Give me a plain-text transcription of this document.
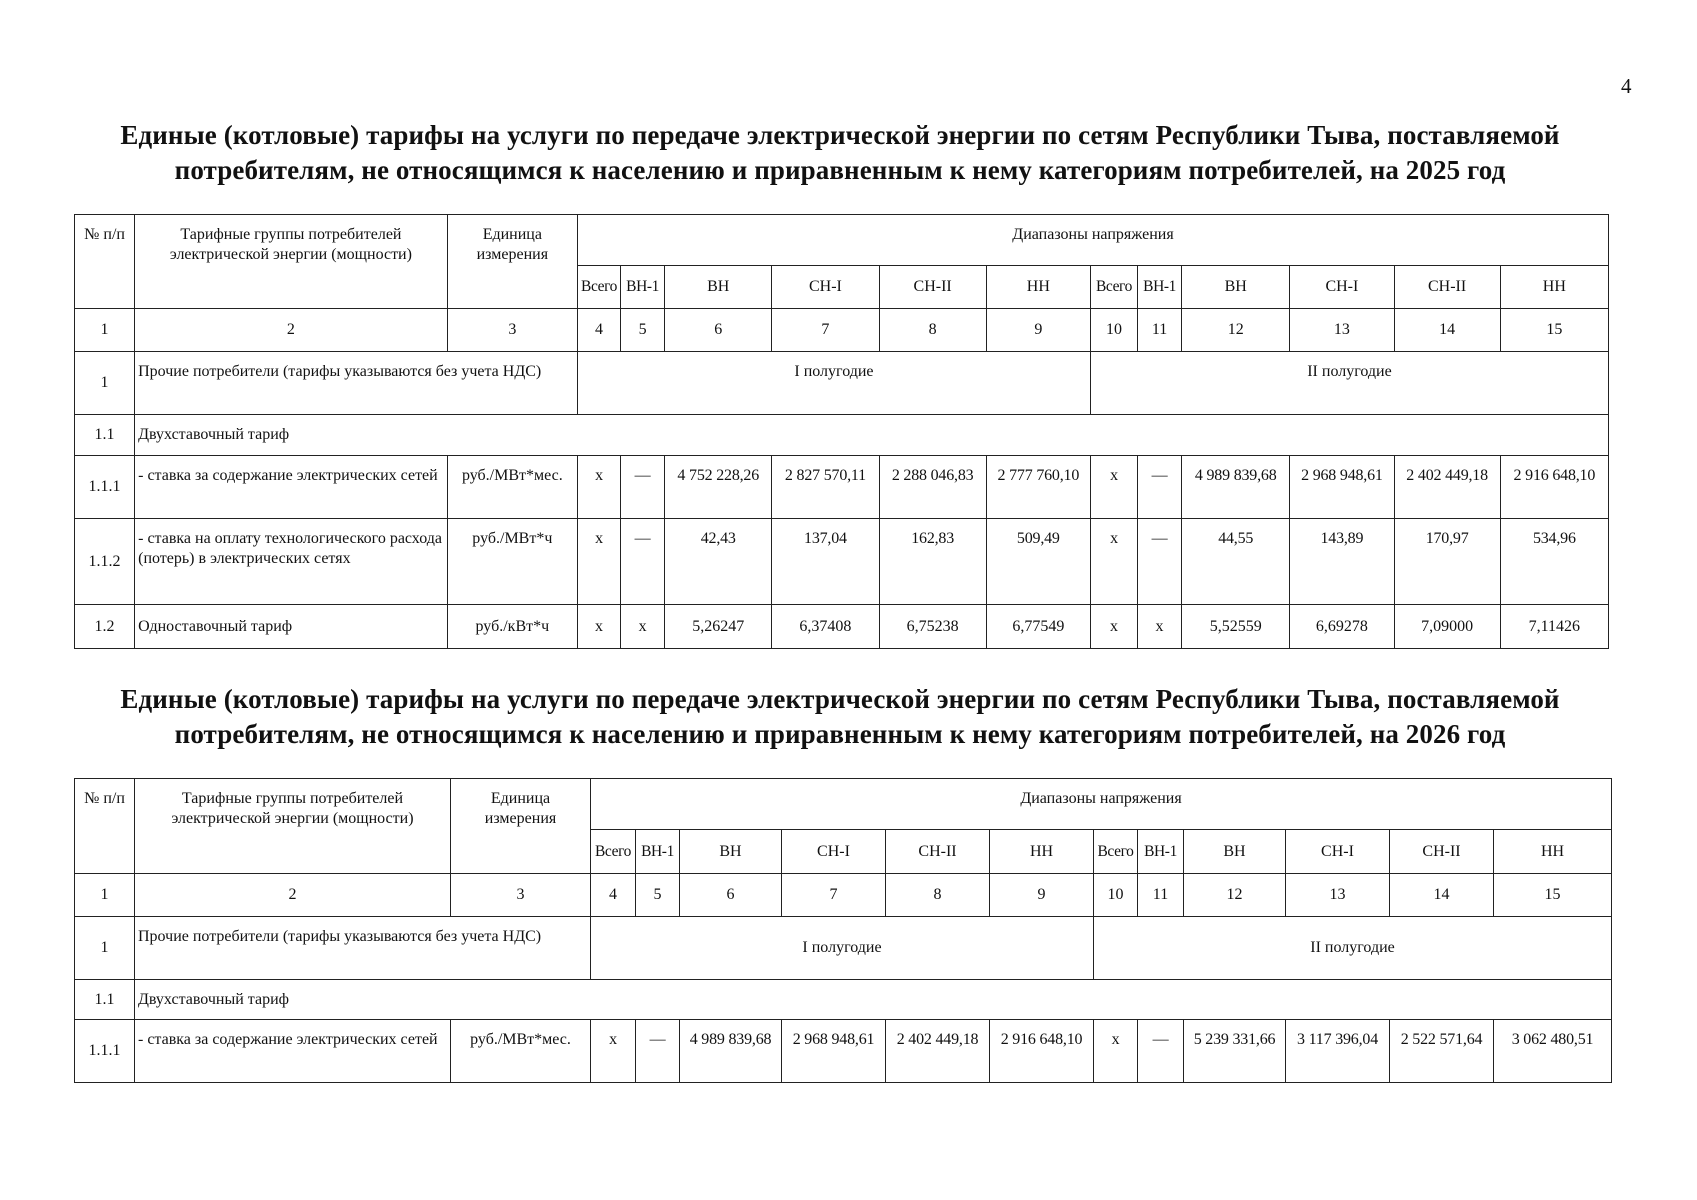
4
Единые (котловые) тарифы на услуги по передаче электрической энергии по сетям Республики Тыва, поставляемой
потребителям, не относящимся к населению и приравненным к нему категориям потребителей, на 2025 год
№ п/п	Тарифные группы потребителей электрической энергии (мощности)	Единица измерения	Диапазоны напряжения											
			Всего	ВН-1	ВН	СН-I	СН-II	НН	Всего	ВН-1	ВН	СН-I	СН-II	НН
1	2	3	4	5	6	7	8	9	10	11	12	13	14	15
1	Прочие потребители (тарифы указываются без учета НДС)		I полугодие						II полугодие					
1.1	Двухставочный тариф													
1.1.1	- ставка за содержание электрических сетей	руб./МВт*мес.	х	—	4 752 228,26	2 827 570,11	2 288 046,83	2 777 760,10	х	—	4 989 839,68	2 968 948,61	2 402 449,18	2 916 648,10
1.1.2	- ставка на оплату технологического расхода (потерь) в электрических сетях	руб./МВт*ч	х	—	42,43	137,04	162,83	509,49	х	—	44,55	143,89	170,97	534,96
1.2	Одноставочный тариф	руб./кВт*ч	х	х	5,26247	6,37408	6,75238	6,77549	х	х	5,52559	6,69278	7,09000	7,11426
Единые (котловые) тарифы на услуги по передаче электрической энергии по сетям Республики Тыва, поставляемой
потребителям, не относящимся к населению и приравненным к нему категориям потребителей, на 2026 год
№ п/п	Тарифные группы потребителей электрической энергии (мощности)	Единица измерения	Диапазоны напряжения											
			Всего	ВН-1	ВН	СН-I	СН-II	НН	Всего	ВН-1	ВН	СН-I	СН-II	НН
1	2	3	4	5	6	7	8	9	10	11	12	13	14	15
1	Прочие потребители (тарифы указываются без учета НДС)		I полугодие						II полугодие					
1.1	Двухставочный тариф													
1.1.1	- ставка за содержание электрических сетей	руб./МВт*мес.	х	—	4 989 839,68	2 968 948,61	2 402 449,18	2 916 648,10	х	—	5 239 331,66	3 117 396,04	2 522 571,64	3 062 480,51
